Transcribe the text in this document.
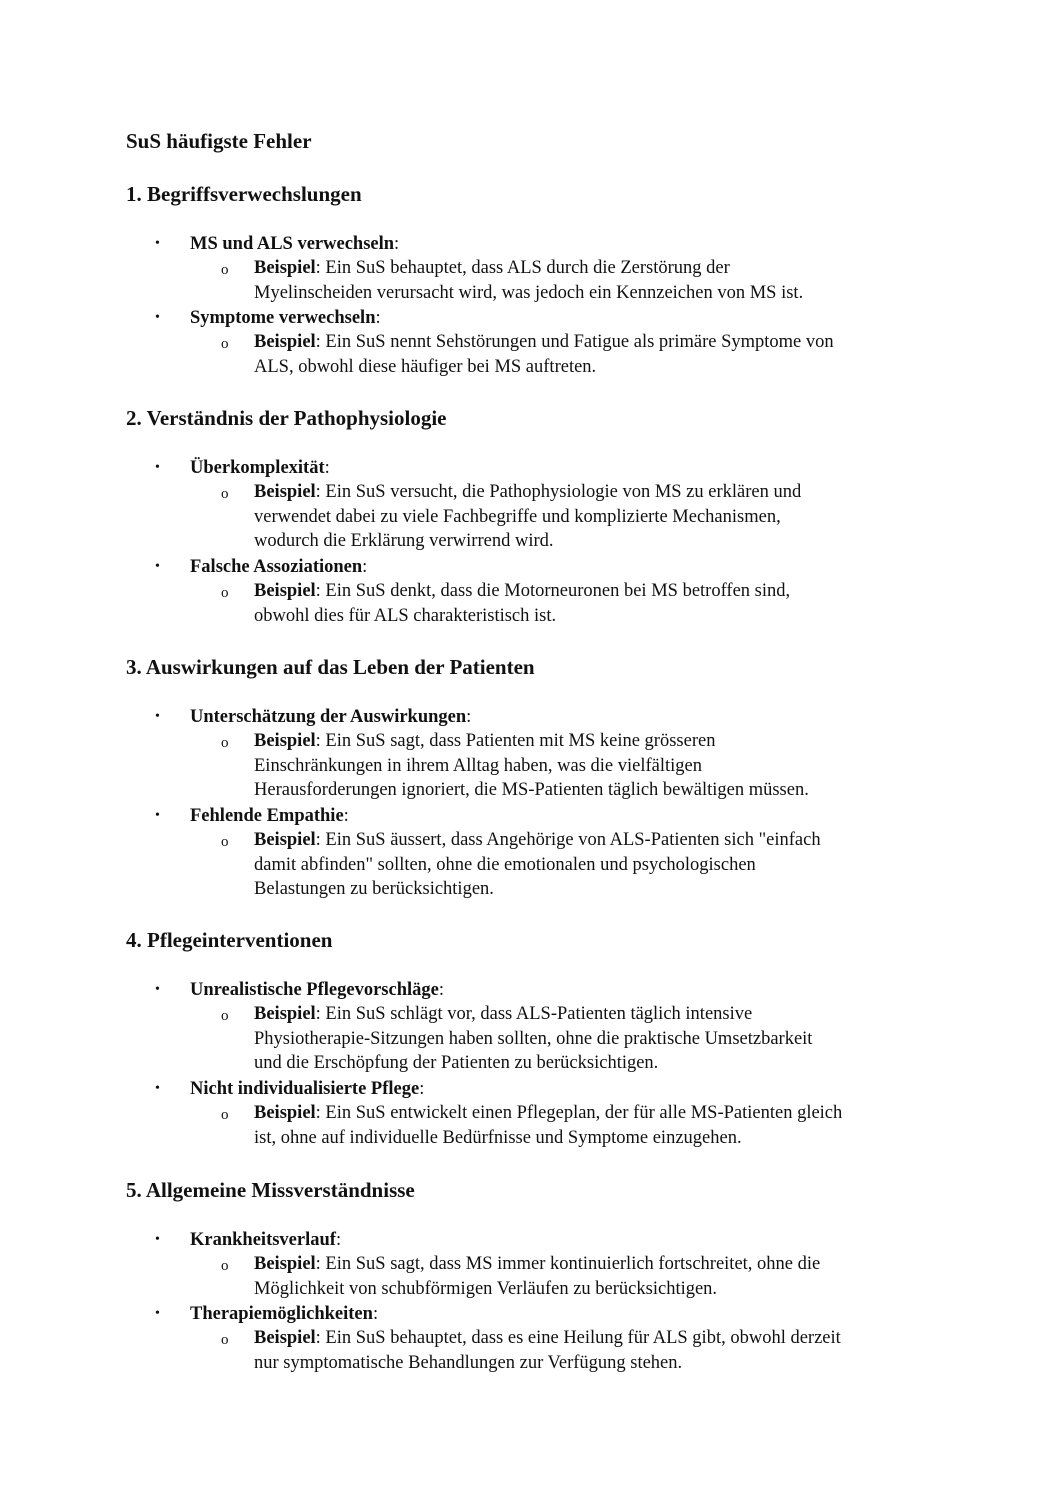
SuS häufigste Fehler
1. Begriffsverwechslungen
• MS und ALS verwechseln:
o Beispiel: Ein SuS behauptet, dass ALS durch die Zerstörung der
Myelinscheiden verursacht wird, was jedoch ein Kennzeichen von MS ist.
• Symptome verwechseln:
o Beispiel: Ein SuS nennt Sehstörungen und Fatigue als primäre Symptome von
ALS, obwohl diese häufiger bei MS auftreten.
2. Verständnis der Pathophysiologie
• Überkomplexität:
o Beispiel: Ein SuS versucht, die Pathophysiologie von MS zu erklären und
verwendet dabei zu viele Fachbegriffe und komplizierte Mechanismen,
wodurch die Erklärung verwirrend wird.
• Falsche Assoziationen:
o Beispiel: Ein SuS denkt, dass die Motorneuronen bei MS betroffen sind,
obwohl dies für ALS charakteristisch ist.
3. Auswirkungen auf das Leben der Patienten
• Unterschätzung der Auswirkungen:
o Beispiel: Ein SuS sagt, dass Patienten mit MS keine grösseren
Einschränkungen in ihrem Alltag haben, was die vielfältigen
Herausforderungen ignoriert, die MS-Patienten täglich bewältigen müssen.
• Fehlende Empathie:
o Beispiel: Ein SuS äussert, dass Angehörige von ALS-Patienten sich "einfach
damit abfinden" sollten, ohne die emotionalen und psychologischen
Belastungen zu berücksichtigen.
4. Pflegeinterventionen
• Unrealistische Pflegevorschläge:
o Beispiel: Ein SuS schlägt vor, dass ALS-Patienten täglich intensive
Physiotherapie-Sitzungen haben sollten, ohne die praktische Umsetzbarkeit
und die Erschöpfung der Patienten zu berücksichtigen.
• Nicht individualisierte Pflege:
o Beispiel: Ein SuS entwickelt einen Pflegeplan, der für alle MS-Patienten gleich
ist, ohne auf individuelle Bedürfnisse und Symptome einzugehen.
5. Allgemeine Missverständnisse
• Krankheitsverlauf:
o Beispiel: Ein SuS sagt, dass MS immer kontinuierlich fortschreitet, ohne die
Möglichkeit von schubförmigen Verläufen zu berücksichtigen.
• Therapiemöglichkeiten:
o Beispiel: Ein SuS behauptet, dass es eine Heilung für ALS gibt, obwohl derzeit
nur symptomatische Behandlungen zur Verfügung stehen.
